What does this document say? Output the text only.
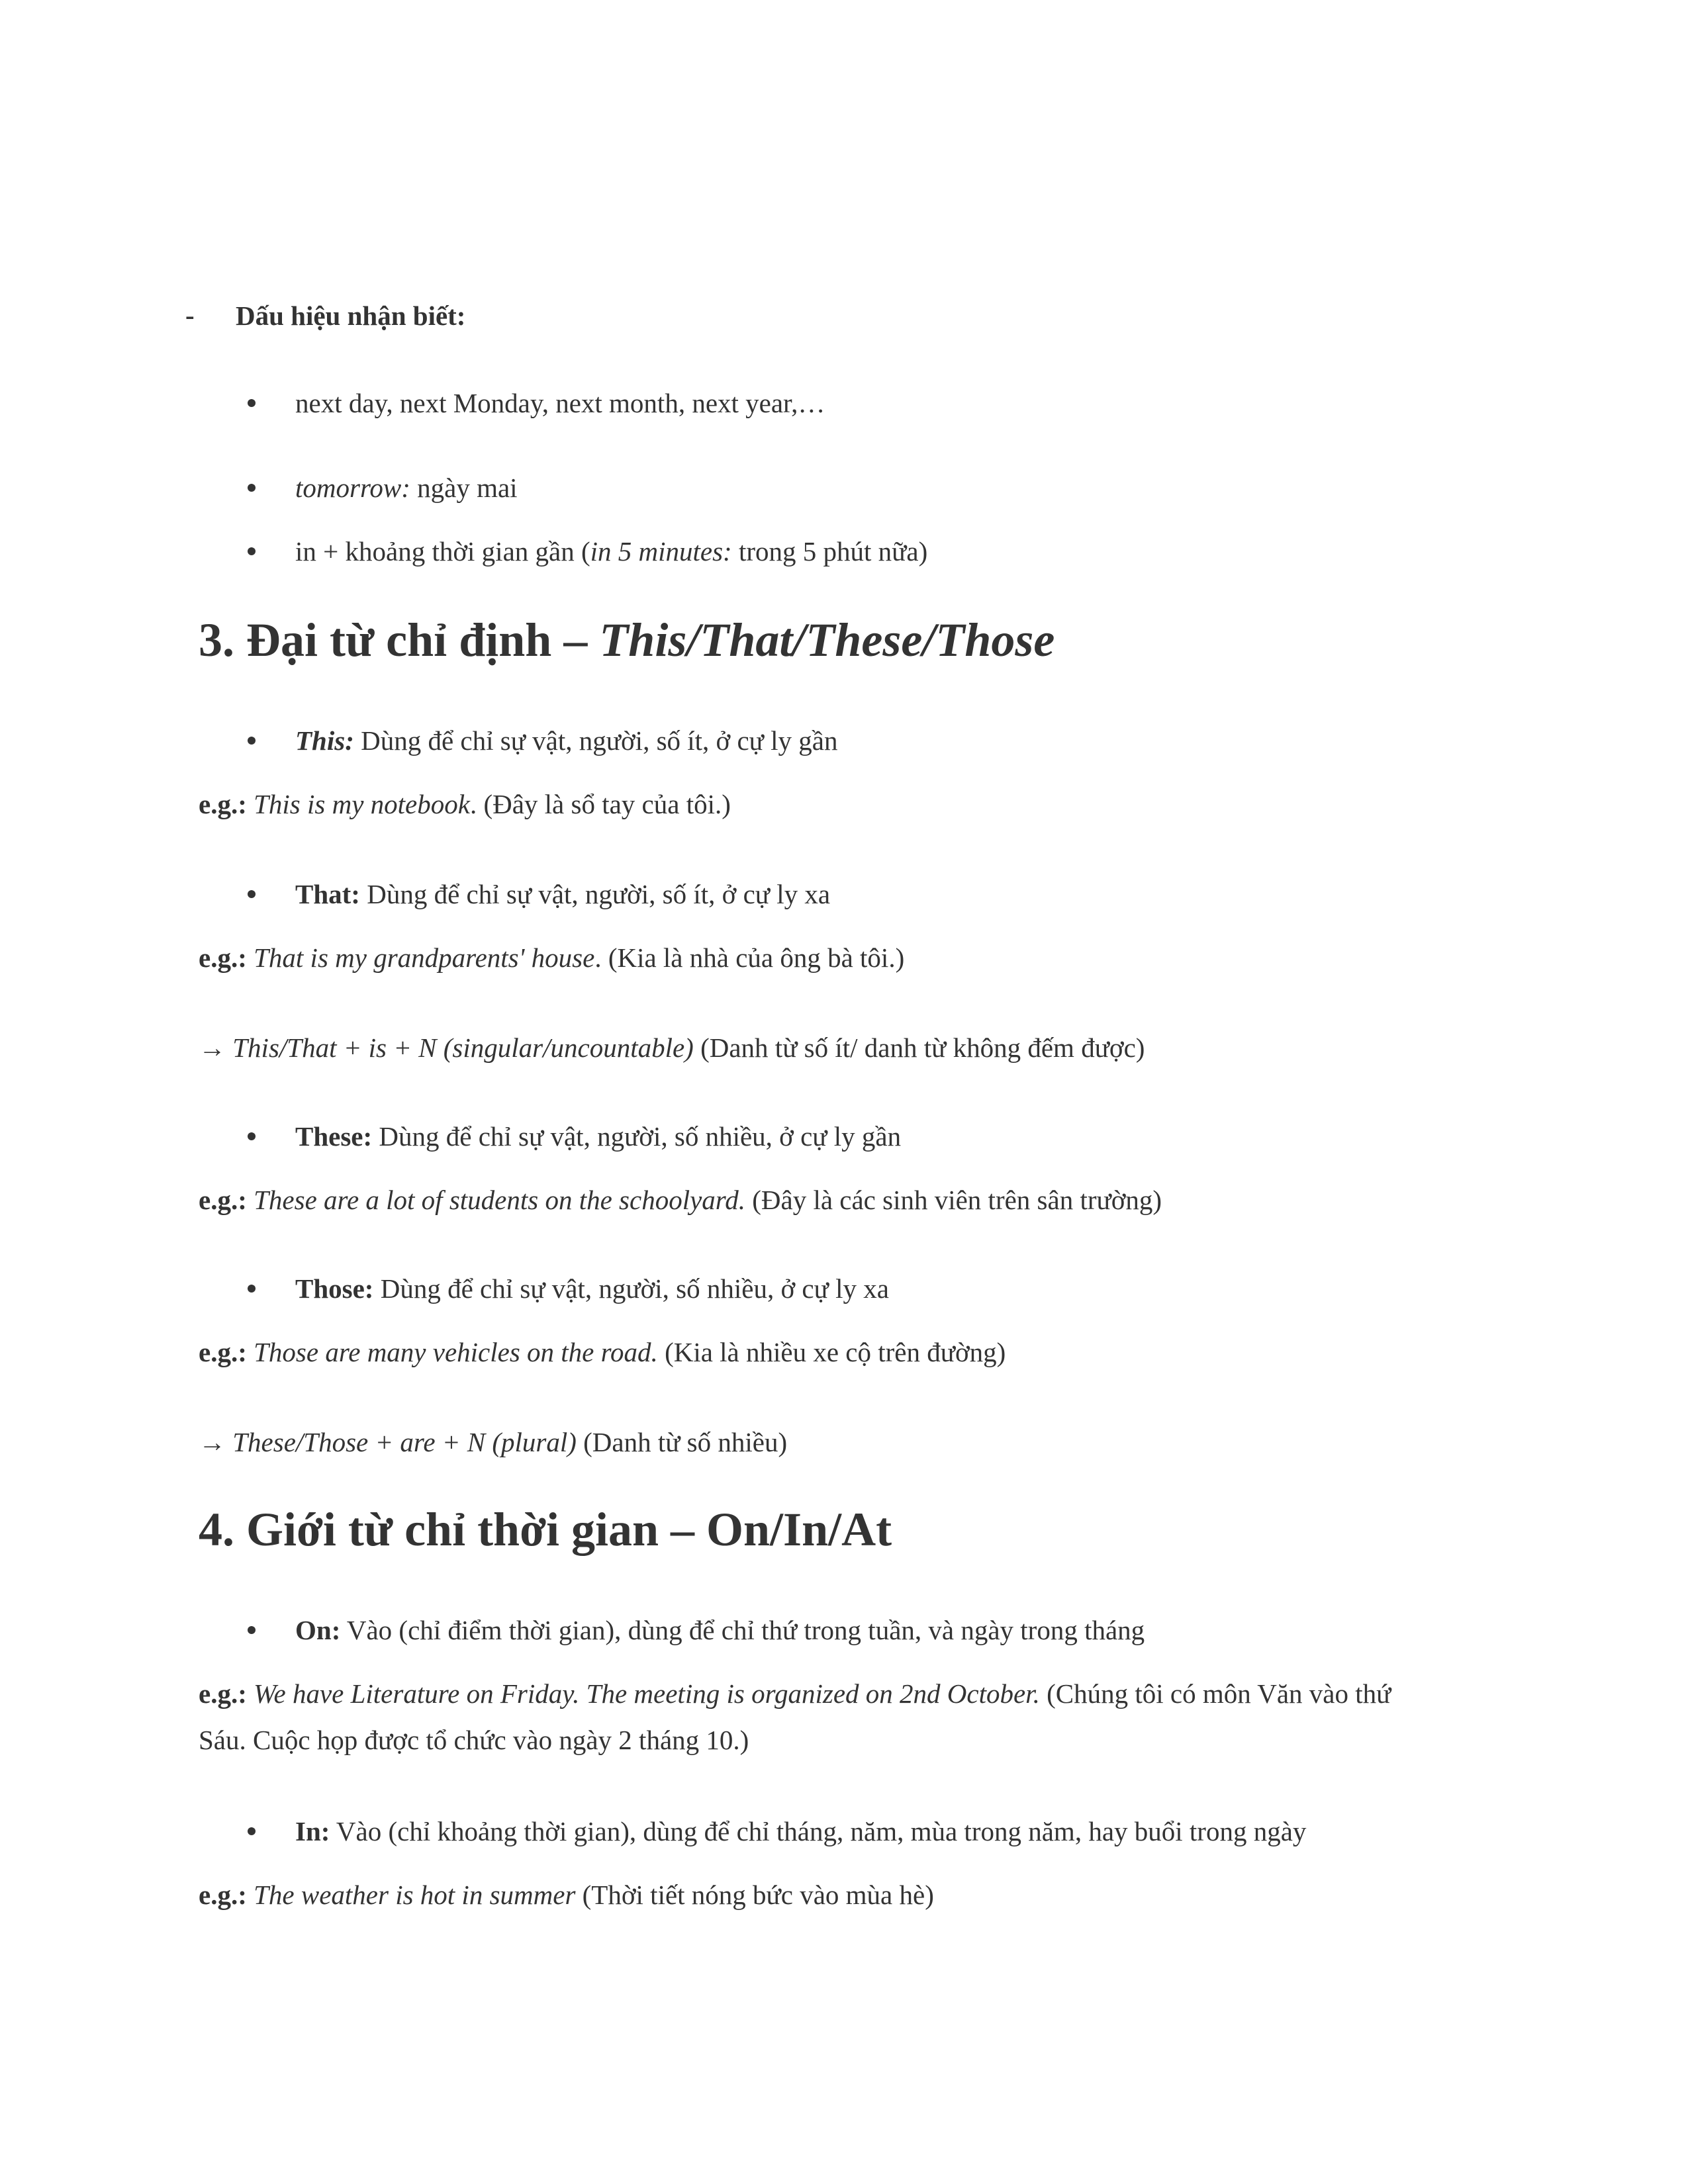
- Dấu hiệu nhận biết:
next day, next Monday, next month, next year,…
tomorrow: ngày mai
in + khoảng thời gian gần (in 5 minutes: trong 5 phút nữa)
3. Đại từ chỉ định – This/That/These/Those
This: Dùng để chỉ sự vật, người, số ít, ở cự ly gần
e.g.: This is my notebook. (Đây là sổ tay của tôi.)
That: Dùng để chỉ sự vật, người, số ít, ở cự ly xa
e.g.: That is my grandparents' house. (Kia là nhà của ông bà tôi.)
→ This/That + is + N (singular/uncountable) (Danh từ số ít/ danh từ không đếm được)
These: Dùng để chỉ sự vật, người, số nhiều, ở cự ly gần
e.g.: These are a lot of students on the schoolyard. (Đây là các sinh viên trên sân trường)
Those: Dùng để chỉ sự vật, người, số nhiều, ở cự ly xa
e.g.: Those are many vehicles on the road. (Kia là nhiều xe cộ trên đường)
→ These/Those + are + N (plural) (Danh từ số nhiều)
4. Giới từ chỉ thời gian – On/In/At
On: Vào (chỉ điểm thời gian), dùng để chỉ thứ trong tuần, và ngày trong tháng
e.g.: We have Literature on Friday. The meeting is organized on 2nd October. (Chúng tôi có môn Văn vào thứ
Sáu. Cuộc họp được tổ chức vào ngày 2 tháng 10.)
In: Vào (chỉ khoảng thời gian), dùng để chỉ tháng, năm, mùa trong năm, hay buổi trong ngày
e.g.: The weather is hot in summer (Thời tiết nóng bức vào mùa hè)
